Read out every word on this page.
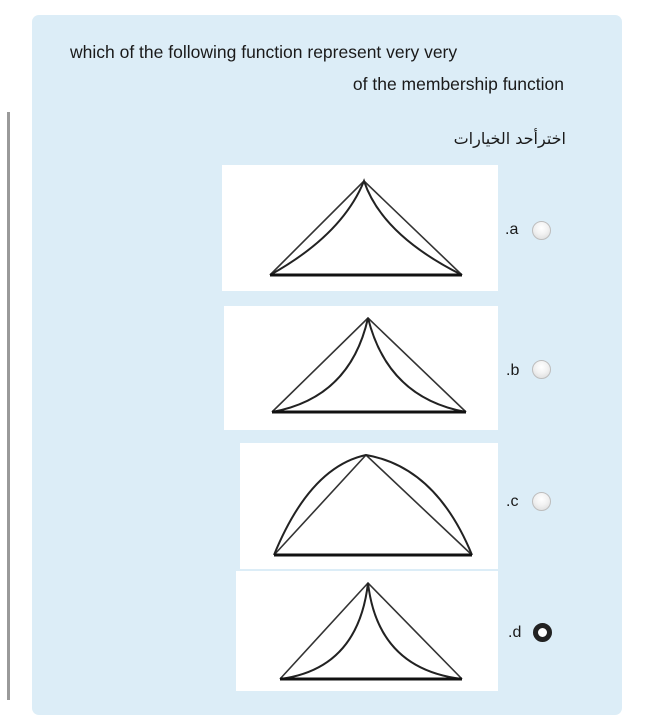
which of the following function represent very very
of the membership function
اخترأحد الخيارات
.a
.b
.c
.d
